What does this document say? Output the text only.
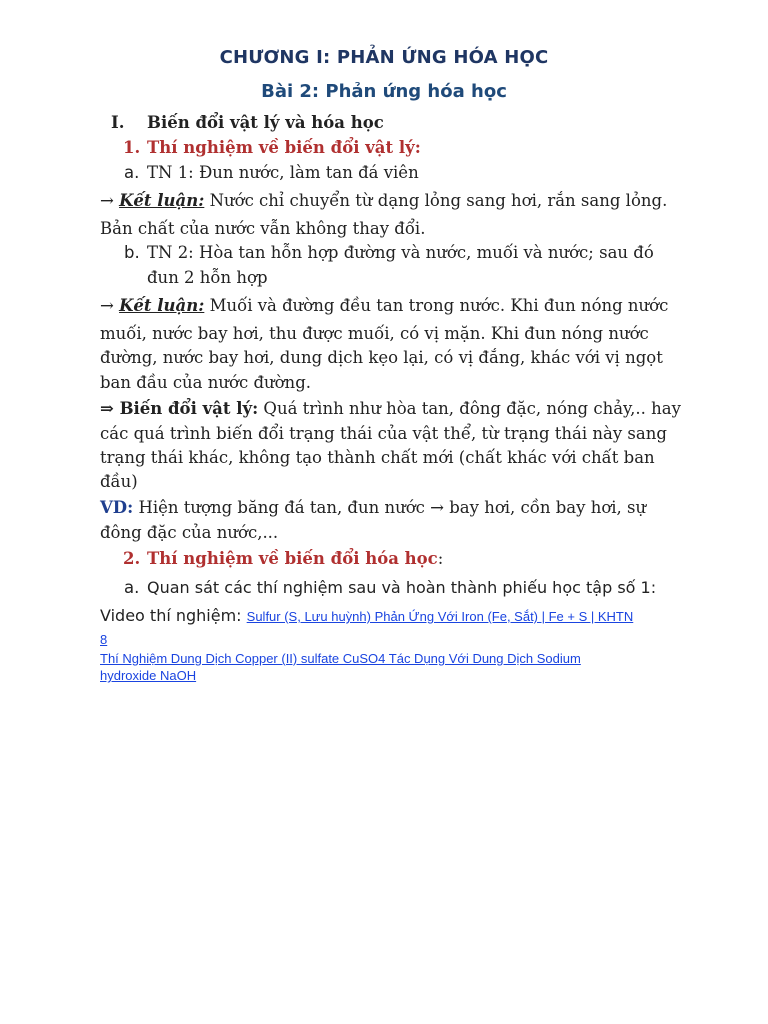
CHƯƠNG I: PHẢN ỨNG HÓA HỌC
Bài 2: Phản ứng hóa học
I. Biến đổi vật lý và hóa học
1. Thí nghiệm về biến đổi vật lý:
a. TN 1: Đun nước, làm tan đá viên
→ Kết luận: Nước chỉ chuyển từ dạng lỏng sang hơi, rắn sang lỏng.
Bản chất của nước vẫn không thay đổi.
b. TN 2: Hòa tan hỗn hợp đường và nước, muối và nước; sau đó
đun 2 hỗn hợp
→ Kết luận: Muối và đường đều tan trong nước. Khi đun nóng nước
muối, nước bay hơi, thu được muối, có vị mặn. Khi đun nóng nước
đường, nước bay hơi, dung dịch kẹo lại, có vị đắng, khác với vị ngọt
ban đầu của nước đường.
⇒ Biến đổi vật lý: Quá trình như hòa tan, đông đặc, nóng chảy,.. hay
các quá trình biến đổi trạng thái của vật thể, từ trạng thái này sang
trạng thái khác, không tạo thành chất mới (chất khác với chất ban
đầu)
VD: Hiện tượng băng đá tan, đun nước → bay hơi, cồn bay hơi, sự
đông đặc của nước,...
2. Thí nghiệm về biến đổi hóa học:
a. Quan sát các thí nghiệm sau và hoàn thành phiếu học tập số 1:
Video thí nghiệm: Sulfur (S, Lưu huỳnh) Phản Ứng Với Iron (Fe, Sắt) | Fe + S | KHTN
8
Thí Nghiệm Dung Dịch Copper (II) sulfate CuSO4 Tác Dụng Với Dung Dịch Sodium
hydroxide NaOH
